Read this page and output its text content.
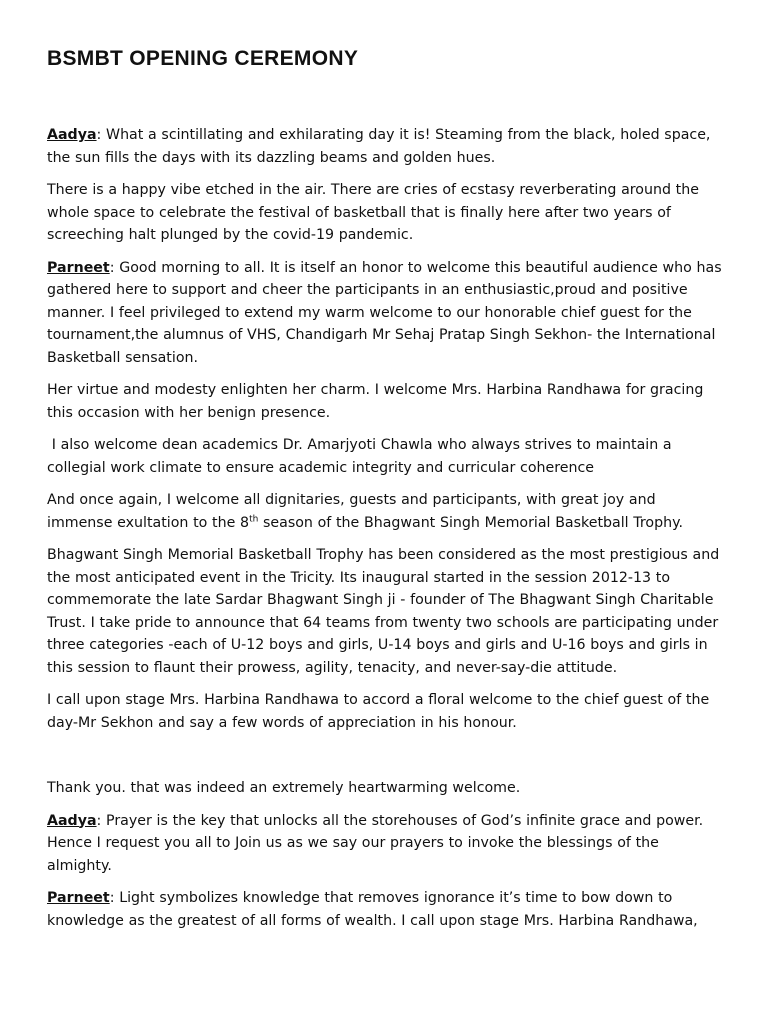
BSMBT OPENING CEREMONY

Aadya: What a scintillating and exhilarating day it is! Steaming from the black, holed space, the sun fills the days with its dazzling beams and golden hues.

There is a happy vibe etched in the air. There are cries of ecstasy reverberating around the whole space to celebrate the festival of basketball that is finally here after two years of screeching halt plunged by the covid-19 pandemic.

Parneet: Good morning to all. It is itself an honor to welcome this beautiful audience who has gathered here to support and cheer the participants in an enthusiastic,proud and positive manner. I feel privileged to extend my warm welcome to our honorable chief guest for the tournament,the alumnus of VHS, Chandigarh Mr Sehaj Pratap Singh Sekhon- the International Basketball sensation.

Her virtue and modesty enlighten her charm. I welcome Mrs. Harbina Randhawa for gracing this occasion with her benign presence.

I also welcome dean academics Dr. Amarjyoti Chawla who always strives to maintain a collegial work climate to ensure academic integrity and curricular coherence

And once again, I welcome all dignitaries, guests and participants, with great joy and immense exultation to the 8th season of the Bhagwant Singh Memorial Basketball Trophy.

Bhagwant Singh Memorial Basketball Trophy has been considered as the most prestigious and the most anticipated event in the Tricity. Its inaugural started in the session 2012-13 to commemorate the late Sardar Bhagwant Singh ji - founder of The Bhagwant Singh Charitable Trust. I take pride to announce that 64 teams from twenty two schools are participating under three categories -each of U-12 boys and girls, U-14 boys and girls and U-16 boys and girls in this session to flaunt their prowess, agility, tenacity, and never-say-die attitude.

I call upon stage Mrs. Harbina Randhawa to accord a floral welcome to the chief guest of the day-Mr Sekhon and say a few words of appreciation in his honour.

Thank you. that was indeed an extremely heartwarming welcome.

Aadya: Prayer is the key that unlocks all the storehouses of God’s infinite grace and power. Hence I request you all to Join us as we say our prayers to invoke the blessings of the almighty.

Parneet: Light symbolizes knowledge that removes ignorance it’s time to bow down to knowledge as the greatest of all forms of wealth. I call upon stage Mrs. Harbina Randhawa,
